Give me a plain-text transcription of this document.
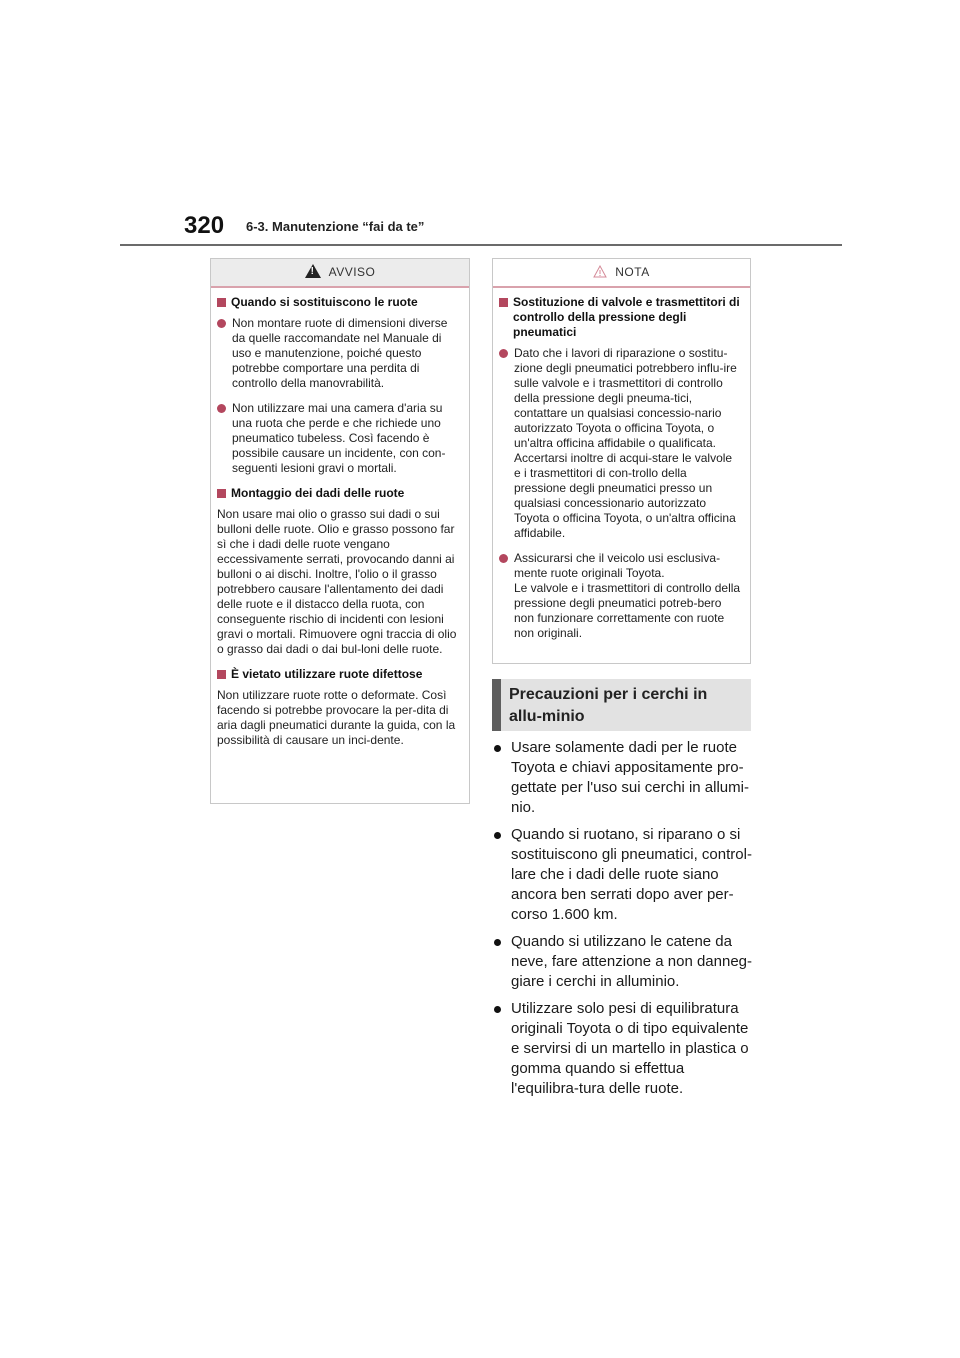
320 6-3. Manutenzione “fai da te”
!AVVISO
Quando si sostituiscono le ruote
Non montare ruote di dimensioni diverse da quelle raccomandate nel Manuale di uso e manutenzione, poiché questo potrebbe comportare una perdita di controllo della manovrabilità.
Non utilizzare mai una camera d'aria su una ruota che perde e che richiede uno pneumatico tubeless. Così facendo è possibile causare un incidente, con con-seguenti lesioni gravi o mortali.
Montaggio dei dadi delle ruote
Non usare mai olio o grasso sui dadi o sui bulloni delle ruote. Olio e grasso possono far sì che i dadi delle ruote vengano eccessivamente serrati, provocando danni ai bulloni o ai dischi. Inoltre, l'olio o il grasso potrebbero causare l'allentamento dei dadi delle ruote e il distacco della ruota, con conseguente rischio di incidenti con lesioni gravi o mortali. Rimuovere ogni traccia di olio o grasso dai dadi o dai bul-loni delle ruote.
È vietato utilizzare ruote difettose
Non utilizzare ruote rotte o deformate. Così facendo si potrebbe provocare la per-dita di aria dagli pneumatici durante la guida, con la possibilità di causare un inci-dente.
NOTA
Sostituzione di valvole e trasmettitori di controllo della pressione degli pneumatici
Dato che i lavori di riparazione o sostitu-zione degli pneumatici potrebbero influ-ire sulle valvole e i trasmettitori di controllo della pressione degli pneuma-tici, contattare un qualsiasi concessio-nario autorizzato Toyota o officina Toyota, o un'altra officina affidabile o qualificata. Accertarsi inoltre di acqui-stare le valvole e i trasmettitori di con-trollo della pressione degli pneumatici presso un qualsiasi concessionario autorizzato Toyota o officina Toyota, o un'altra officina affidabile.
Assicurarsi che il veicolo usi esclusiva-mente ruote originali Toyota.
Le valvole e i trasmettitori di controllo della pressione degli pneumatici potreb-bero non funzionare correttamente con ruote non originali.
Precauzioni per i cerchi in allu-minio
Usare solamente dadi per le ruote Toyota e chiavi appositamente pro-gettate per l'uso sui cerchi in allumi-nio.
Quando si ruotano, si riparano o si sostituiscono gli pneumatici, control-lare che i dadi delle ruote siano ancora ben serrati dopo aver per-corso 1.600 km.
Quando si utilizzano le catene da neve, fare attenzione a non danneg-giare i cerchi in alluminio.
Utilizzare solo pesi di equilibratura originali Toyota o di tipo equivalente e servirsi di un martello in plastica o gomma quando si effettua l'equilibra-tura delle ruote.
